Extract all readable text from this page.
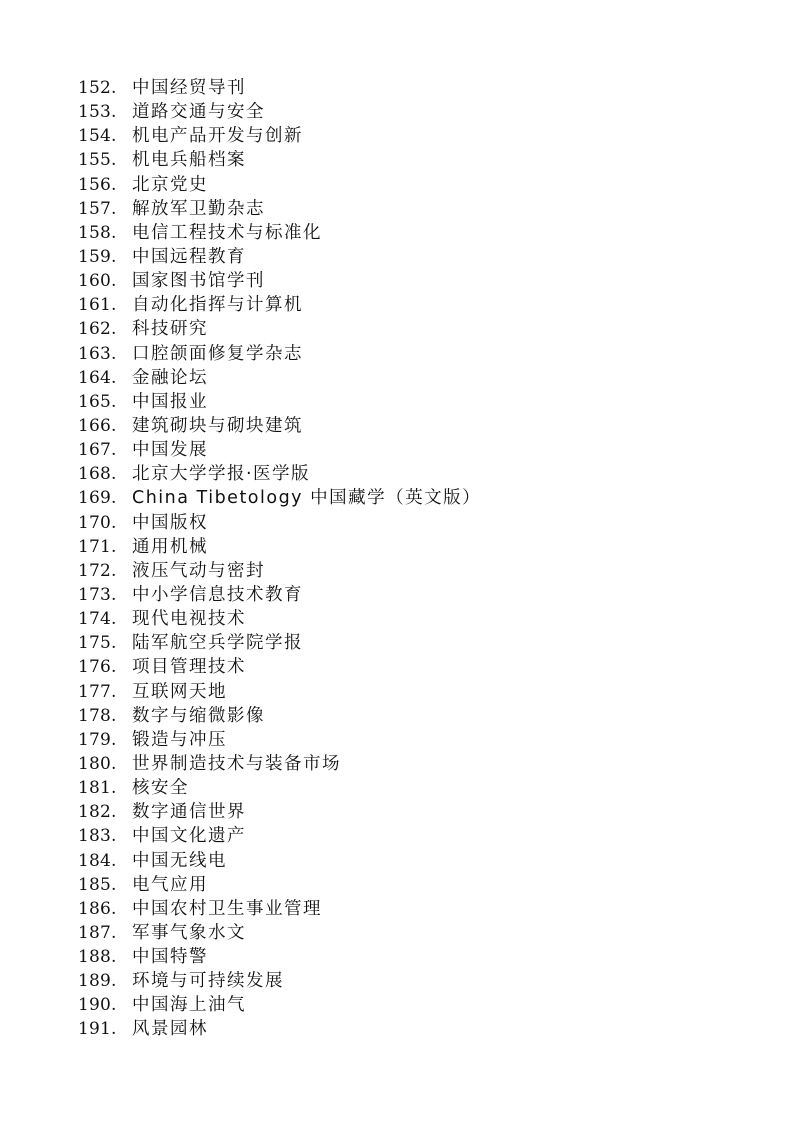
152. 中国经贸导刊
153. 道路交通与安全
154. 机电产品开发与创新
155. 机电兵船档案
156. 北京党史
157. 解放军卫勤杂志
158. 电信工程技术与标准化
159. 中国远程教育
160. 国家图书馆学刊
161. 自动化指挥与计算机
162. 科技研究
163. 口腔颌面修复学杂志
164. 金融论坛
165. 中国报业
166. 建筑砌块与砌块建筑
167. 中国发展
168. 北京大学学报·医学版
169. China Tibetology 中国藏学（英文版）
170. 中国版权
171. 通用机械
172. 液压气动与密封
173. 中小学信息技术教育
174. 现代电视技术
175. 陆军航空兵学院学报
176. 项目管理技术
177. 互联网天地
178. 数字与缩微影像
179. 锻造与冲压
180. 世界制造技术与装备市场
181. 核安全
182. 数字通信世界
183. 中国文化遗产
184. 中国无线电
185. 电气应用
186. 中国农村卫生事业管理
187. 军事气象水文
188. 中国特警
189. 环境与可持续发展
190. 中国海上油气
191. 风景园林
